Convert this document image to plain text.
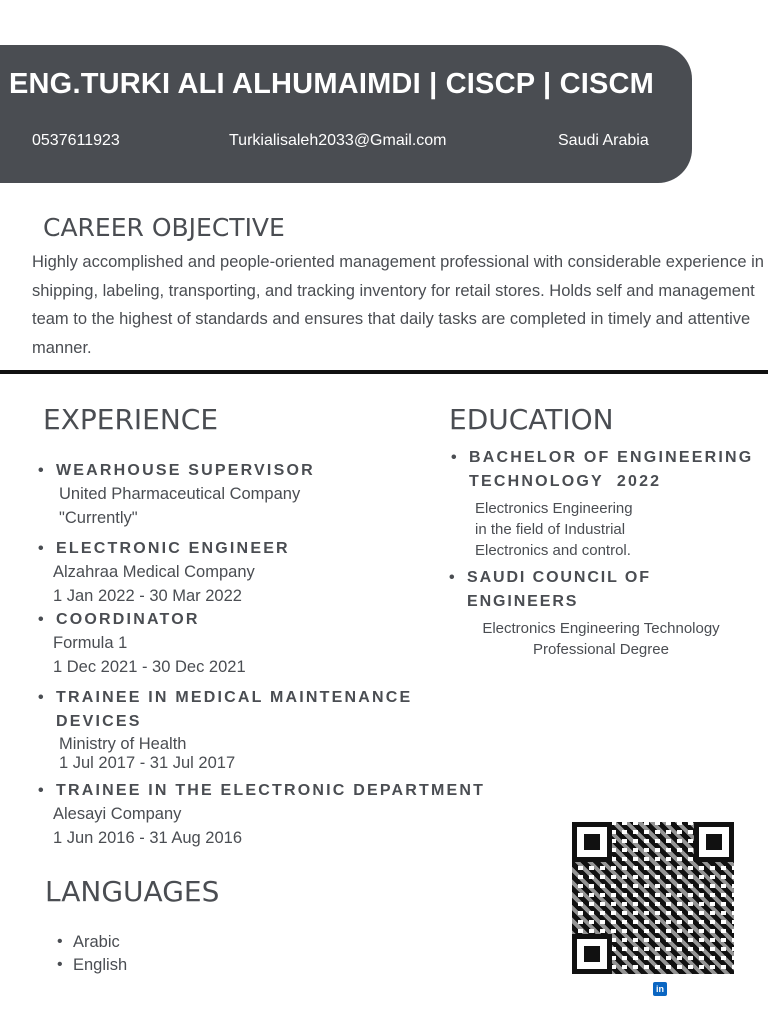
ENG.TURKI ALI ALHUMAIMDI | CISCP | CISCM
0537611923	Turkialisaleh2033@Gmail.com	Saudi Arabia
CAREER OBJECTIVE

Highly accomplished and people-oriented management professional with considerable experience in shipping, labeling, transporting, and tracking inventory for retail stores. Holds self and management team to the highest of standards and ensures that daily tasks are completed in timely and attentive manner.

EXPERIENCE	EDUCATION
• WEARHOUSE SUPERVISOR
United Pharmaceutical Company
"Currently"
• ELECTRONIC ENGINEER
Alzahraa Medical Company
1 Jan 2022 - 30 Mar 2022
• COORDINATOR
Formula 1
1 Dec 2021 - 30 Dec 2021
• TRAINEE IN MEDICAL MAINTENANCE DEVICES
Ministry of Health
1 Jul 2017 - 31 Jul 2017
• TRAINEE IN THE ELECTRONIC DEPARTMENT
Alesayi Company
1 Jun 2016 - 31 Aug 2016
• BACHELOR OF ENGINEERING TECHNOLOGY  2022
Electronics Engineering
in the field of Industrial
Electronics and control.
• SAUDI COUNCIL OF ENGINEERS
Electronics Engineering Technology
Professional Degree
LANGUAGES
• Arabic
• English
in
